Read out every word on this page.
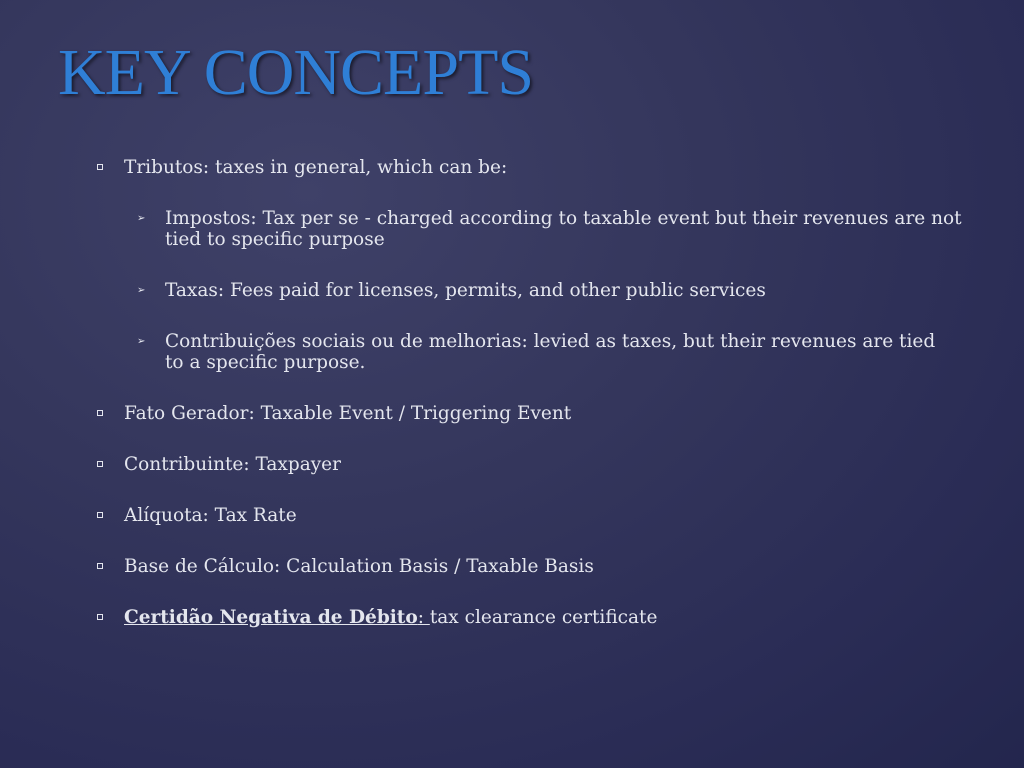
KEY CONCEPTS
Tributos: taxes in general, which can be:
➢ Impostos: Tax per se - charged according to taxable event but their revenues are not tied to specific purpose
➢ Taxas: Fees paid for licenses, permits, and other public services
➢ Contribuições sociais ou de melhorias: levied as taxes, but their revenues are tied to a specific purpose.
Fato Gerador: Taxable Event / Triggering Event
Contribuinte: Taxpayer
Alíquota: Tax Rate
Base de Cálculo: Calculation Basis / Taxable Basis
Certidão Negativa de Débito: tax clearance certificate
